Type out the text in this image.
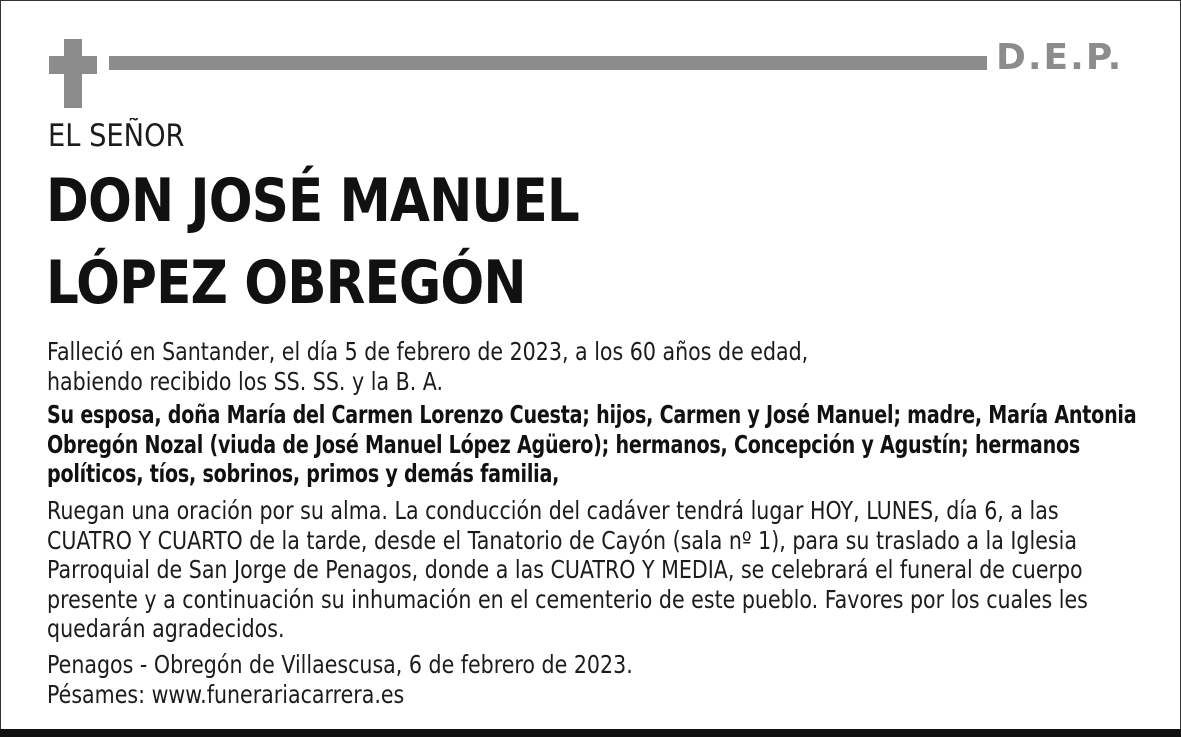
D.E.P.
EL SEÑOR
DON JOSÉ MANUEL
LÓPEZ OBREGÓN
Falleció en Santander, el día 5 de febrero de 2023, a los 60 años de edad,
habiendo recibido los SS. SS. y la B. A.
Su esposa, doña María del Carmen Lorenzo Cuesta; hijos, Carmen y José Manuel; madre, María Antonia
Obregón Nozal (viuda de José Manuel López Agüero); hermanos, Concepción y Agustín; hermanos
políticos, tíos, sobrinos, primos y demás familia,
Ruegan una oración por su alma. La conducción del cadáver tendrá lugar HOY, LUNES, día 6, a las
CUATRO Y CUARTO de la tarde, desde el Tanatorio de Cayón (sala nº 1), para su traslado a la Iglesia
Parroquial de San Jorge de Penagos, donde a las CUATRO Y MEDIA, se celebrará el funeral de cuerpo
presente y a continuación su inhumación en el cementerio de este pueblo. Favores por los cuales les
quedarán agradecidos.
Penagos - Obregón de Villaescusa, 6 de febrero de 2023.
Pésames: www.funerariacarrera.es
